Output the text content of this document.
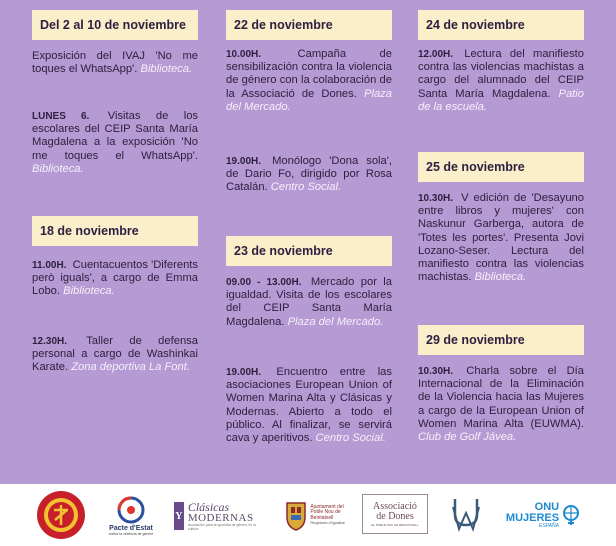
Del 2 al 10 de noviembre
Exposición del IVAJ 'No me toques el WhatsApp'. Biblioteca.
LUNES 6. Visitas de los escolares del CEIP Santa María Magdalena a la exposición 'No me toques el WhatsApp'. Biblioteca.
18 de noviembre
11.00H. Cuentacuentos 'Diferents però iguals', a cargo de Emma Lobo. Biblioteca.
12.30H. Taller de defensa personal a cargo de Washinkai Karate. Zona deportiva La Font.
22 de noviembre
10.00H.	Campaña de sensibilización contra la violencia de género con la colaboración de la Associació de Dones. Plaza del Mercado.
19.00H. Monólogo 'Dona sola', de Dario Fo, dirigido por Rosa Catalán. Centro Social.
23 de noviembre
09.00 - 13.00H. Mercado por la igualdad. Visita de los escolares del CEIP Santa María Magdalena. Plaza del Mercado.
19.00H. Encuentro entre las asociaciones European Union of Women Marina Alta y Clásicas y Modernas. Abierto a todo el público. Al finalizar, se servirá cava y aperitivos. Centro Social.
24 de noviembre
12.00H. Lectura del manifiesto contra las violencias machistas a cargo del alumnado del CEIP Santa María Magdalena. Patio de la escuela.
25 de noviembre
10.30H. V edición de 'Desayuno entre libros y mujeres' con Naskunur Garberga, autora de 'Totes les portes'. Presenta Jovi Lozano-Seser. Lectura del manifiesto contra las violencias machistas. Biblioteca.
29 de noviembre
10.30H. Charla sobre el Día Internacional de la Eliminación de la Violencia hacia las Mujeres a cargo de la European Union of Women Marina Alta (EUWMA). Club de Golf Jávea.
Pacte d'Estat
contra la violència de gènere
Y
Clásicas
MODERNAS
Asociación para la igualdad de género en la cultura
Ajuntament del
Poble Nou de
Benitatxell
Regidoria d'Igualtat
Associació
de Dones
EL POBLE NOU DE BENITATXELL
ONU
MUJERES
ESPAÑA
